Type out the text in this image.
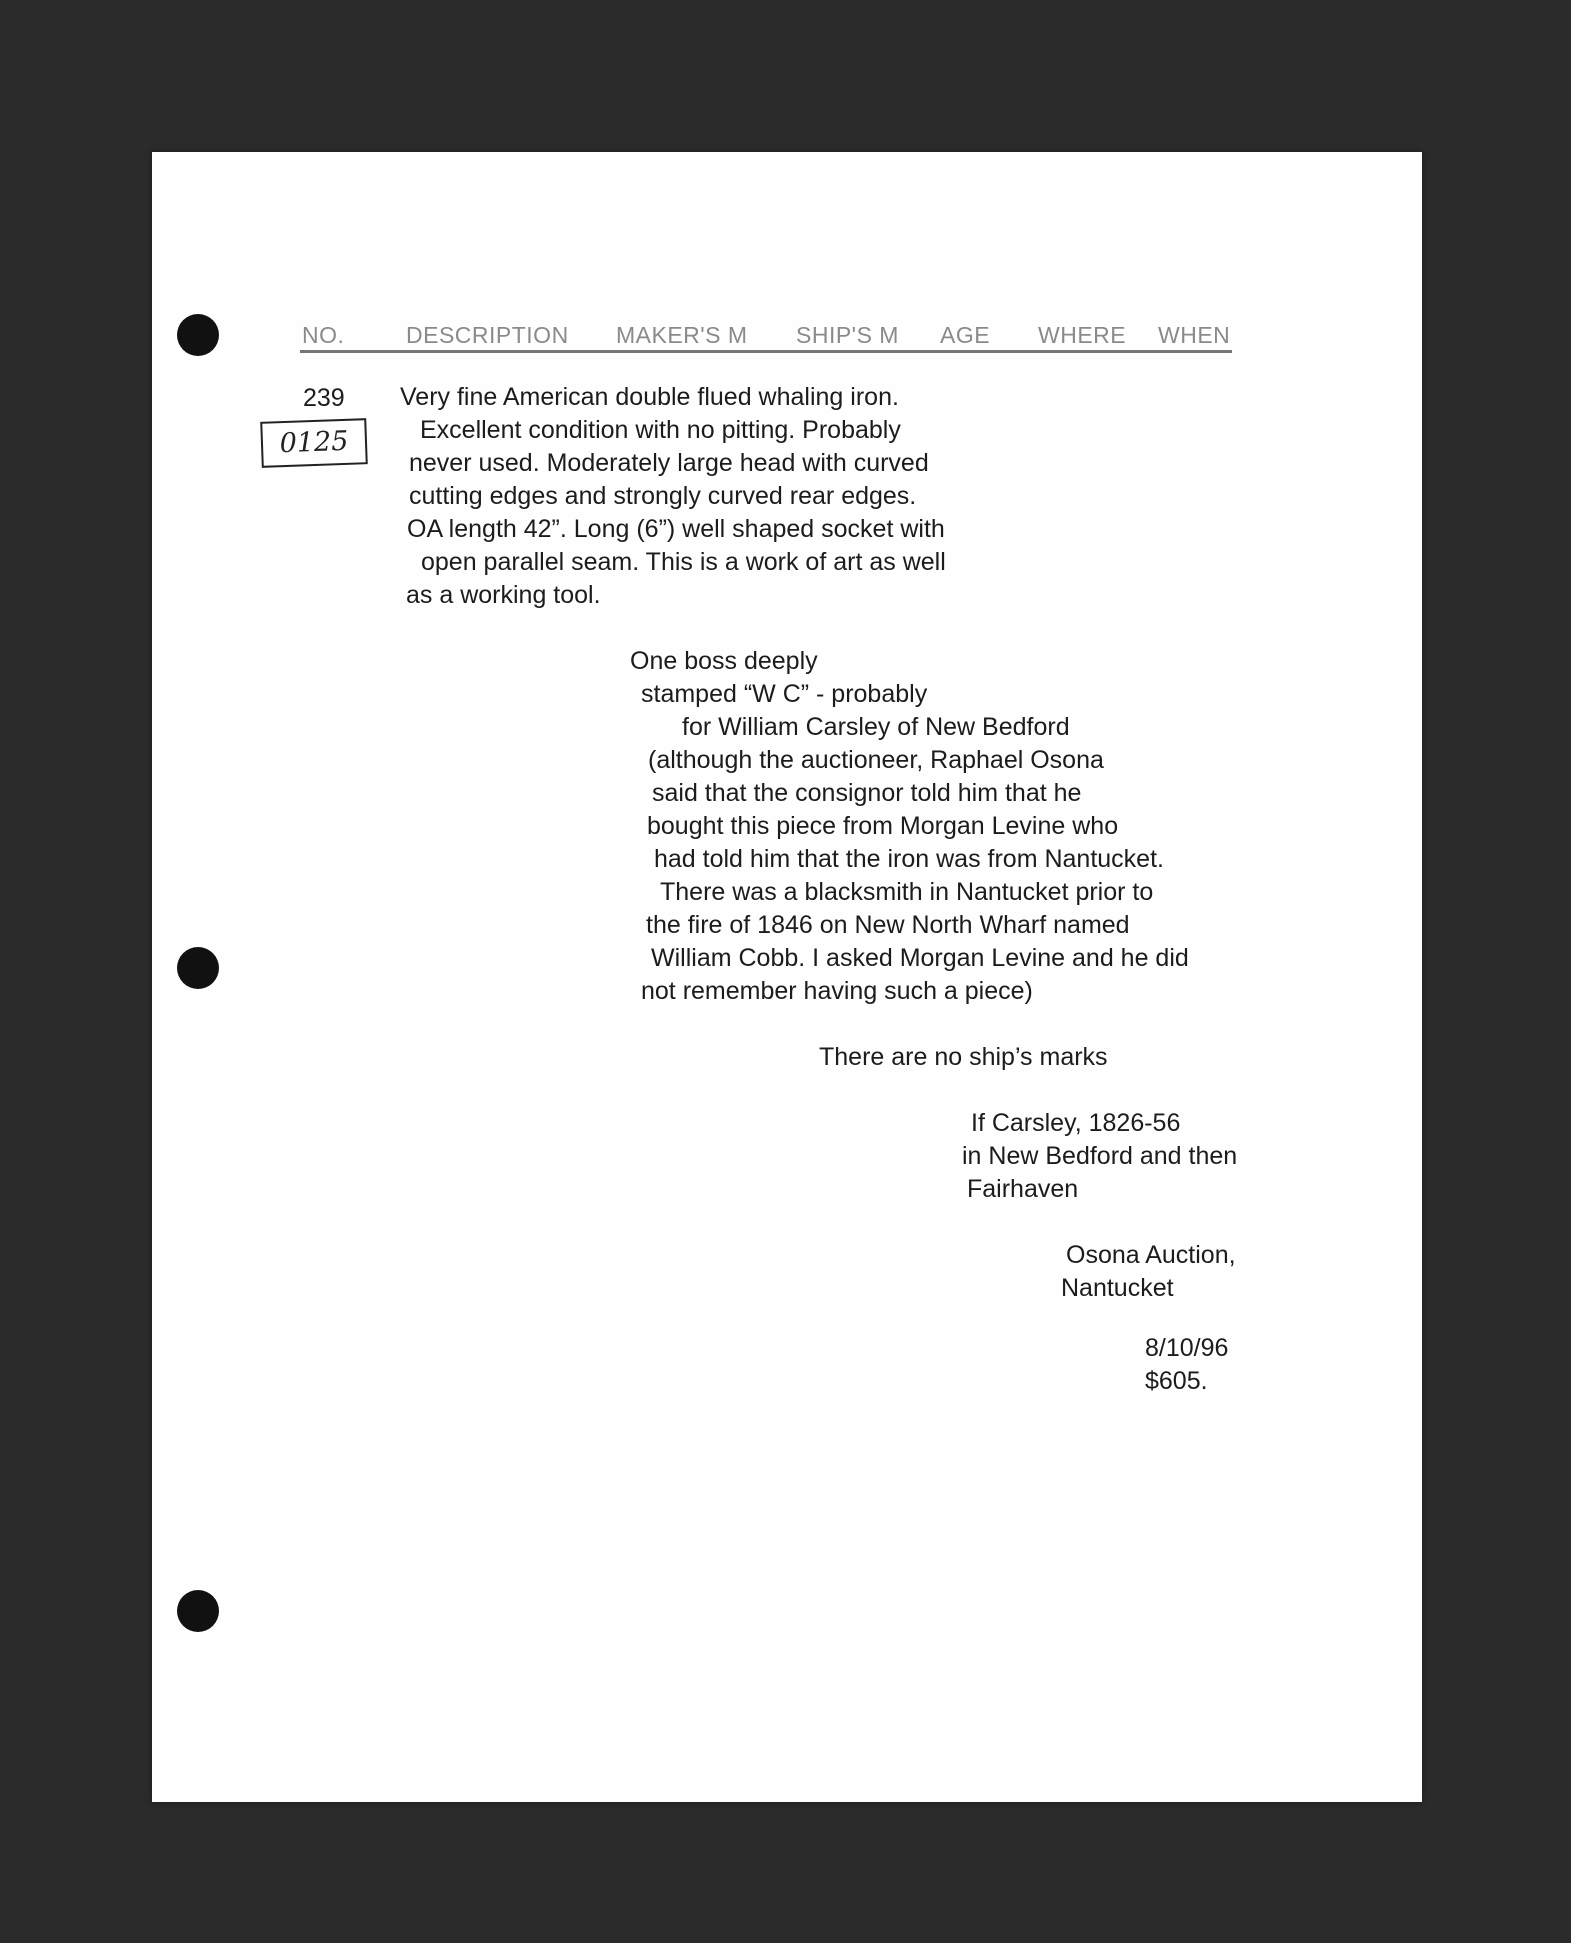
NO.	DESCRIPTION MAKER'S M SHIP'S M AGE WHERE WHEN
239
0125
Very fine American double flued whaling iron.
Excellent condition with no pitting. Probably
never used. Moderately large head with curved
cutting edges and strongly curved rear edges.
OA length 42”. Long (6”) well shaped socket with
open parallel seam. This is a work of art as well
as a working tool.
One boss deeply
stamped “W C” - probably
for William Carsley of New Bedford
(although the auctioneer, Raphael Osona
said that the consignor told him that he
bought this piece from Morgan Levine who
had told him that the iron was from Nantucket.
There was a blacksmith in Nantucket prior to
the fire of 1846 on New North Wharf named
William Cobb. I asked Morgan Levine and he did
not remember having such a piece)
There are no ship’s marks
If Carsley, 1826-56
in New Bedford and then
Fairhaven
Osona Auction,
Nantucket
8/10/96
$605.
